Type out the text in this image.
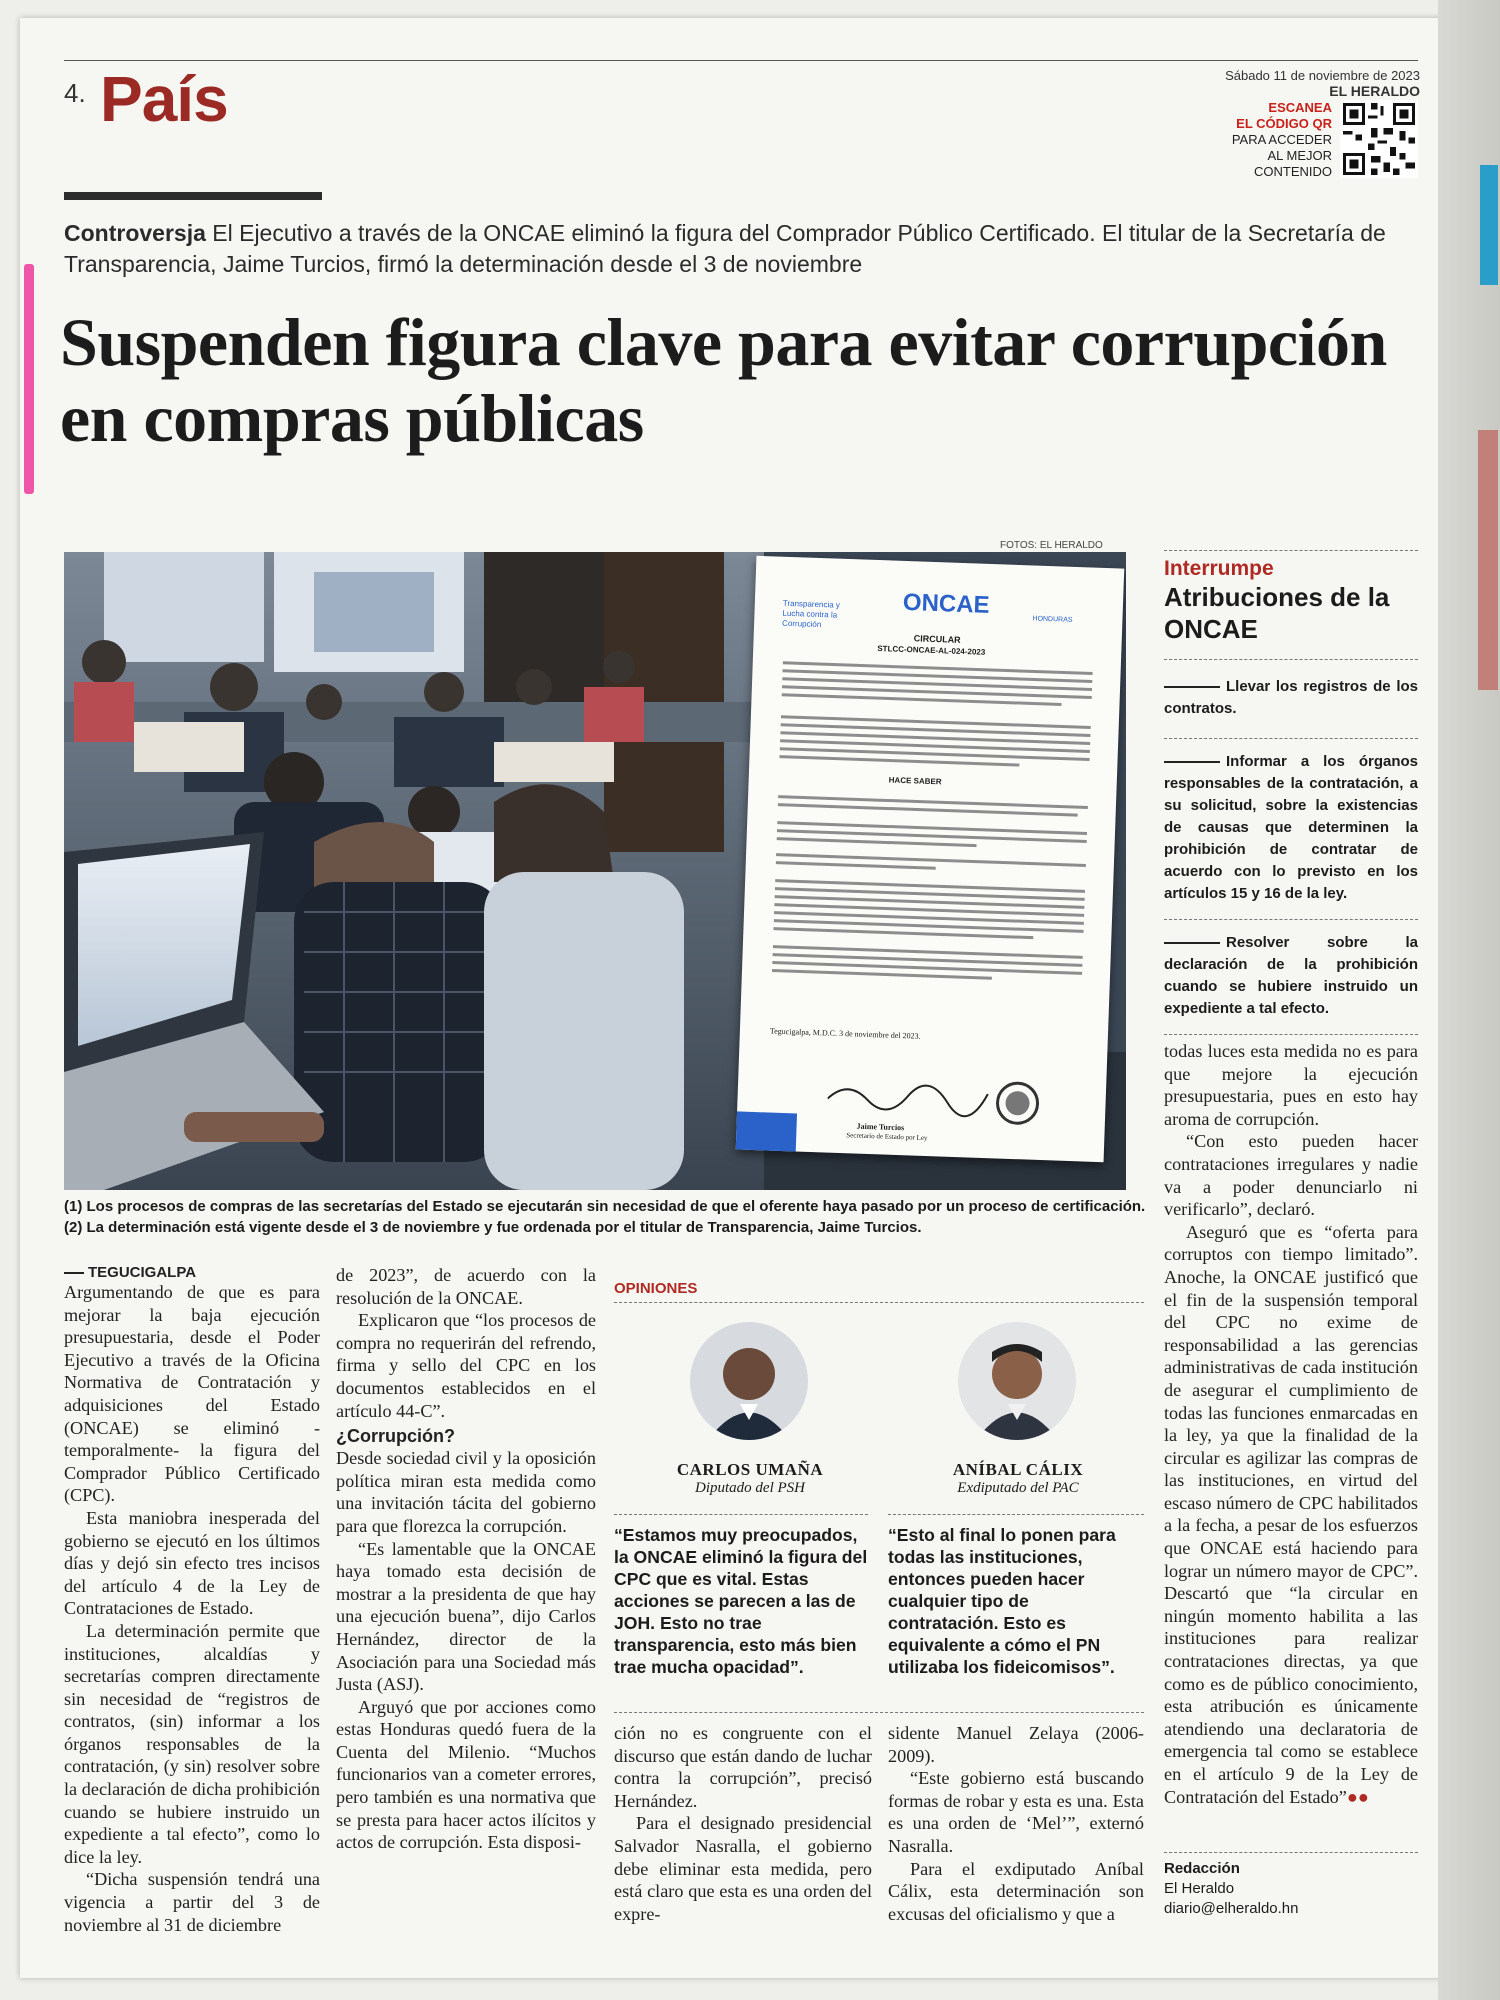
4. País	Sábado 11 de noviembre de 2023
EL HERALDO
ESCANEA
EL CÓDIGO QR
PARA ACCEDER
AL MEJOR
CONTENIDO
Controversja El Ejecutivo a través de la ONCAE eliminó la figura del Comprador Público Certificado. El titular de la Secretaría de Transparencia, Jaime Turcios, firmó la determinación desde el 3 de noviembre
Suspenden figura clave para evitar corrupción en compras públicas
FOTOS: EL HERALDO
Transparencia y Lucha contra la Corrupción
ONCAE
HONDURAS
CIRCULAR
STLCC-ONCAE-AL-024-2023
HACE SABER
Tegucigalpa, M.D.C. 3 de noviembre del 2023.
Jaime Turcios
Secretario de Estado por Ley
(1) Los procesos de compras de las secretarías del Estado se ejecutarán sin necesidad de que el oferente haya pasado por un proceso de certificación. (2) La determinación está vigente desde el 3 de noviembre y fue ordenada por el titular de Transparencia, Jaime Turcios.
Interrumpe
Atribuciones de la ONCAE
Llevar los registros de los contratos.
Informar a los órganos responsables de la contratación, a su solicitud, sobre la existencias de causas que determinen la prohibición de contratar de acuerdo con lo previsto en los artículos 15 y 16 de la ley.
Resolver sobre la declaración de la prohibición cuando se hubiere instruido un expediente a tal efecto.
TEGUCIGALPA

Argumentando de que es para mejorar la baja ejecución presupuestaria, desde el Poder Ejecutivo a través de la Oficina Normativa de Contratación y adquisiciones del Estado (ONCAE) se eliminó -temporalmente- la figura del Comprador Público Certificado (CPC).

Esta maniobra inesperada del gobierno se ejecutó en los últimos días y dejó sin efecto tres incisos del artículo 4 de la Ley de Contrataciones de Estado.

La determinación permite que instituciones, alcaldías y secretarías compren directamente sin necesidad de “registros de contratos, (sin) informar a los órganos responsables de la contratación, (y sin) resolver sobre la declaración de dicha prohibición cuando se hubiere instruido un expediente a tal efecto”, como lo dice la ley.

“Dicha suspensión tendrá una vigencia a partir del 3 de noviembre al 31 de diciembre

de 2023”, de acuerdo con la resolución de la ONCAE.

Explicaron que “los procesos de compra no requerirán del refrendo, firma y sello del CPC en los documentos establecidos en el artículo 44-C”.

¿Corrupción?

Desde sociedad civil y la oposición política miran esta medida como una invitación tácita del gobierno para que florezca la corrupción.

“Es lamentable que la ONCAE haya tomado esta decisión de mostrar a la presidenta de que hay una ejecución buena”, dijo Carlos Hernández, director de la Asociación para una Sociedad más Justa (ASJ).

Arguyó que por acciones como estas Honduras quedó fuera de la Cuenta del Milenio. “Muchos funcionarios van a cometer errores, pero también es una normativa que se presta para hacer actos ilícitos y actos de corrupción. Esta disposi-

OPINIONES
CARLOS UMAÑA
Diputado del PSH
“Estamos muy preocupados, la ONCAE eliminó la figura del CPC que es vital. Estas acciones se parecen a las de JOH. Esto no trae transparencia, esto más bien trae mucha opacidad”.
ANÍBAL CÁLIX
Exdiputado del PAC
“Esto al final lo ponen para todas las instituciones, entonces pueden hacer cualquier tipo de contratación. Esto es equivalente a cómo el PN utilizaba los fideicomisos”.

ción no es congruente con el discurso que están dando de luchar contra la corrupción”, precisó Hernández.

Para el designado presidencial Salvador Nasralla, el gobierno debe eliminar esta medida, pero está claro que esta es una orden del expre-

sidente Manuel Zelaya (2006-2009).

“Este gobierno está buscando formas de robar y esta es una. Esta es una orden de ‘Mel’”, externó Nasralla.

Para el exdiputado Aníbal Cálix, esta determinación son excusas del oficialismo y que a

todas luces esta medida no es para que mejore la ejecución presupuestaria, pues en esto hay aroma de corrupción.

“Con esto pueden hacer contrataciones irregulares y nadie va a poder denunciarlo ni verificarlo”, declaró.

Aseguró que es “oferta para corruptos con tiempo limitado”. Anoche, la ONCAE justificó que el fin de la suspensión temporal del CPC no exime de responsabilidad a las gerencias administrativas de cada institución de asegurar el cumplimiento de todas las funciones enmarcadas en la ley, ya que la finalidad de la circular es agilizar las compras de las instituciones, en virtud del escaso número de CPC habilitados a la fecha, a pesar de los esfuerzos que ONCAE está haciendo para lograr un número mayor de CPC”. Descartó que “la circular en ningún momento habilita a las instituciones para realizar contrataciones directas, ya que como es de público conocimiento, esta atribución es únicamente atendiendo una declaratoria de emergencia tal como se establece en el artículo 9 de la Ley de Contratación del Estado”●●

Redacción
El Heraldo
diario@elheraldo.hn
